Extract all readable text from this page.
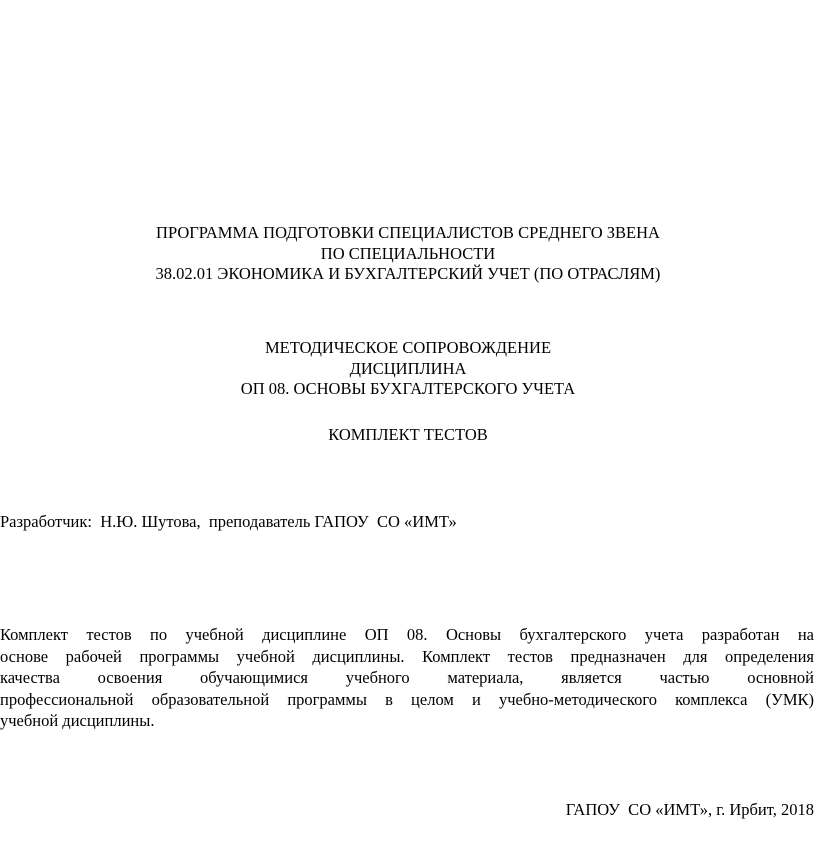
ПРОГРАММА ПОДГОТОВКИ СПЕЦИАЛИСТОВ СРЕДНЕГО ЗВЕНА
ПО СПЕЦИАЛЬНОСТИ
38.02.01 ЭКОНОМИКА И БУХГАЛТЕРСКИЙ УЧЕТ (ПО ОТРАСЛЯМ)
МЕТОДИЧЕСКОЕ СОПРОВОЖДЕНИЕ
ДИСЦИПЛИНА
ОП 08. ОСНОВЫ БУХГАЛТЕРСКОГО УЧЕТА
КОМПЛЕКТ ТЕСТОВ
Разработчик:  Н.Ю. Шутова,  преподаватель ГАПОУ  СО «ИМТ»
Комплект тестов по учебной дисциплине ОП 08. Основы бухгалтерского учета разработан на
основе рабочей программы учебной дисциплины. Комплект тестов предназначен для определения
качества освоения обучающимися учебного материала, является частью основной
профессиональной образовательной программы в целом и учебно-методического комплекса (УМК)
учебной дисциплины.
ГАПОУ  СО «ИМТ», г. Ирбит, 2018
